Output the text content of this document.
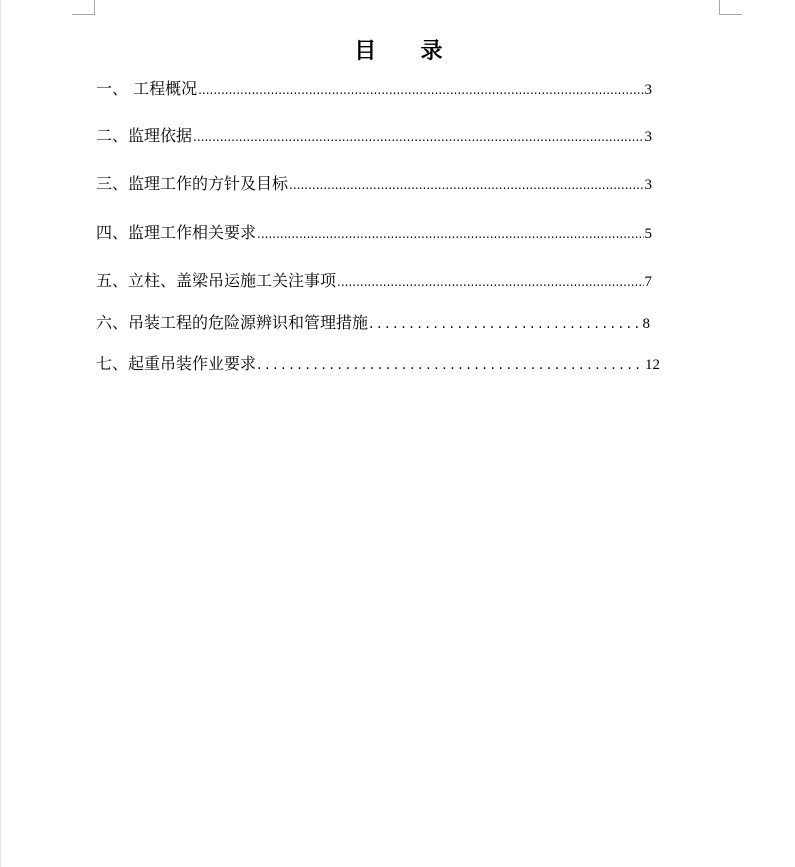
目 录
一、 工程概况 .....	3
二、监理依据 .....	3
三、监理工作的方针及目标 .....	3
四、监理工作相关要求 .....	5
五、立柱、盖梁吊运施工关注事项 .....	7
六、吊装工程的危险源辨识和管理措施 .....	8
七、起重吊装作业要求 .....	12
